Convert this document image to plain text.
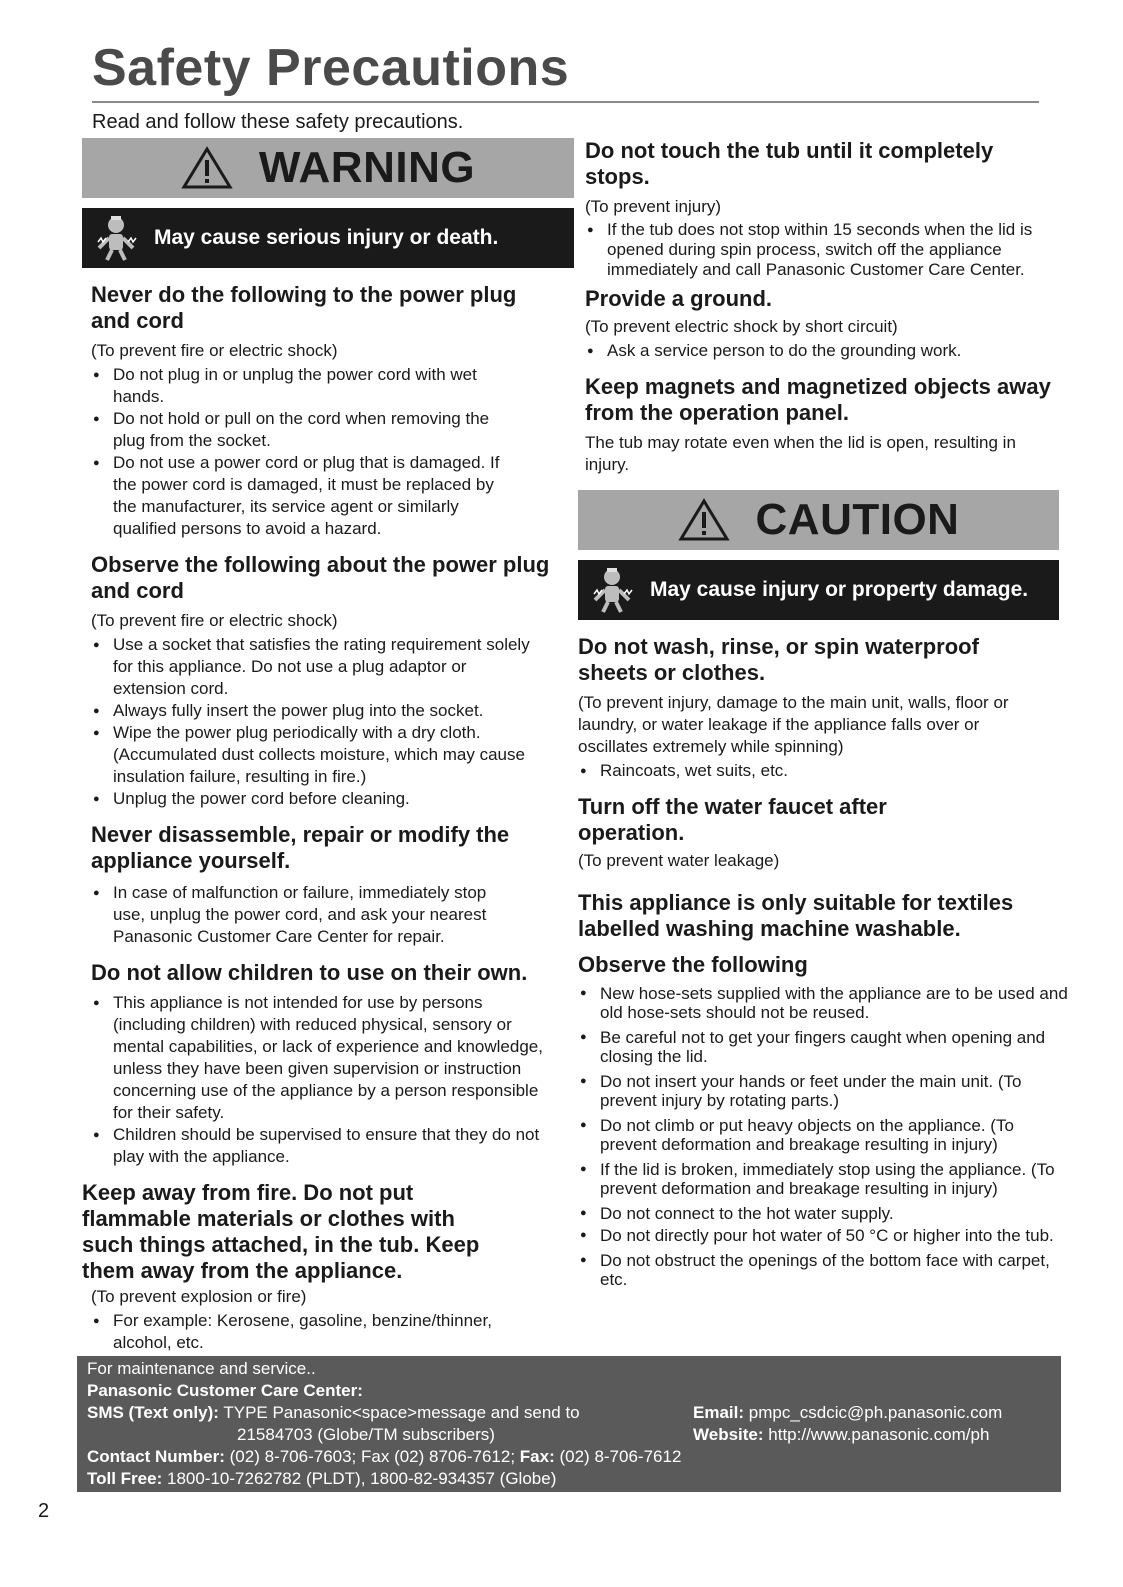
Safety Precautions
Read and follow these safety precautions.
WARNING
May cause serious injury or death.
Never do the following to the power plug and cord
(To prevent fire or electric shock)
● Do not plug in or unplug the power cord with wet hands.
● Do not hold or pull on the cord when removing the plug from the socket.
● Do not use a power cord or plug that is damaged. If the power cord is damaged, it must be replaced by the manufacturer, its service agent or similarly qualified persons to avoid a hazard.
Observe the following about the power plug and cord
(To prevent fire or electric shock)
● Use a socket that satisfies the rating requirement solely for this appliance. Do not use a plug adaptor or extension cord.
● Always fully insert the power plug into the socket.
● Wipe the power plug periodically with a dry cloth. (Accumulated dust collects moisture, which may cause insulation failure, resulting in fire.)
● Unplug the power cord before cleaning.
Never disassemble, repair or modify the appliance yourself.
● In case of malfunction or failure, immediately stop use, unplug the power cord, and ask your nearest Panasonic Customer Care Center for repair.
Do not allow children to use on their own.
● This appliance is not intended for use by persons (including children) with reduced physical, sensory or mental capabilities, or lack of experience and knowledge, unless they have been given supervision or instruction concerning use of the appliance by a person responsible for their safety.
● Children should be supervised to ensure that they do not play with the appliance.
Keep away from fire. Do not put flammable materials or clothes with such things attached, in the tub. Keep them away from the appliance.
(To prevent explosion or fire)
● For example: Kerosene, gasoline, benzine/thinner, alcohol, etc.
Do not touch the tub until it completely stops.
(To prevent injury)
● If the tub does not stop within 15 seconds when the lid is opened during spin process, switch off the appliance immediately and call Panasonic Customer Care Center.
Provide a ground.
(To prevent electric shock by short circuit)
● Ask a service person to do the grounding work.
Keep magnets and magnetized objects away from the operation panel.
The tub may rotate even when the lid is open, resulting in injury.
CAUTION
May cause injury or property damage.
Do not wash, rinse, or spin waterproof sheets or clothes.
(To prevent injury, damage to the main unit, walls, floor or laundry, or water leakage if the appliance falls over or oscillates extremely while spinning)
● Raincoats, wet suits, etc.
Turn off the water faucet after operation.
(To prevent water leakage)
This appliance is only suitable for textiles labelled washing machine washable.
Observe the following
● New hose-sets supplied with the appliance are to be used and old hose-sets should not be reused.
● Be careful not to get your fingers caught when opening and closing the lid.
● Do not insert your hands or feet under the main unit. (To prevent injury by rotating parts.)
● Do not climb or put heavy objects on the appliance. (To prevent deformation and breakage resulting in injury)
● If the lid is broken, immediately stop using the appliance. (To prevent deformation and breakage resulting in injury)
● Do not connect to the hot water supply.
● Do not directly pour hot water of 50 °C or higher into the tub.
● Do not obstruct the openings of the bottom face with carpet, etc.
For maintenance and service..
Panasonic Customer Care Center:
SMS (Text only): TYPE Panasonic<space>message and send to	Email: pmpc_csdcic@ph.panasonic.com
21584703 (Globe/TM subscribers)	Website: http://www.panasonic.com/ph
Contact Number: (02) 8-706-7603; Fax (02) 8706-7612; Fax: (02) 8-706-7612
Toll Free: 1800-10-7262782 (PLDT), 1800-82-934357 (Globe)
2
